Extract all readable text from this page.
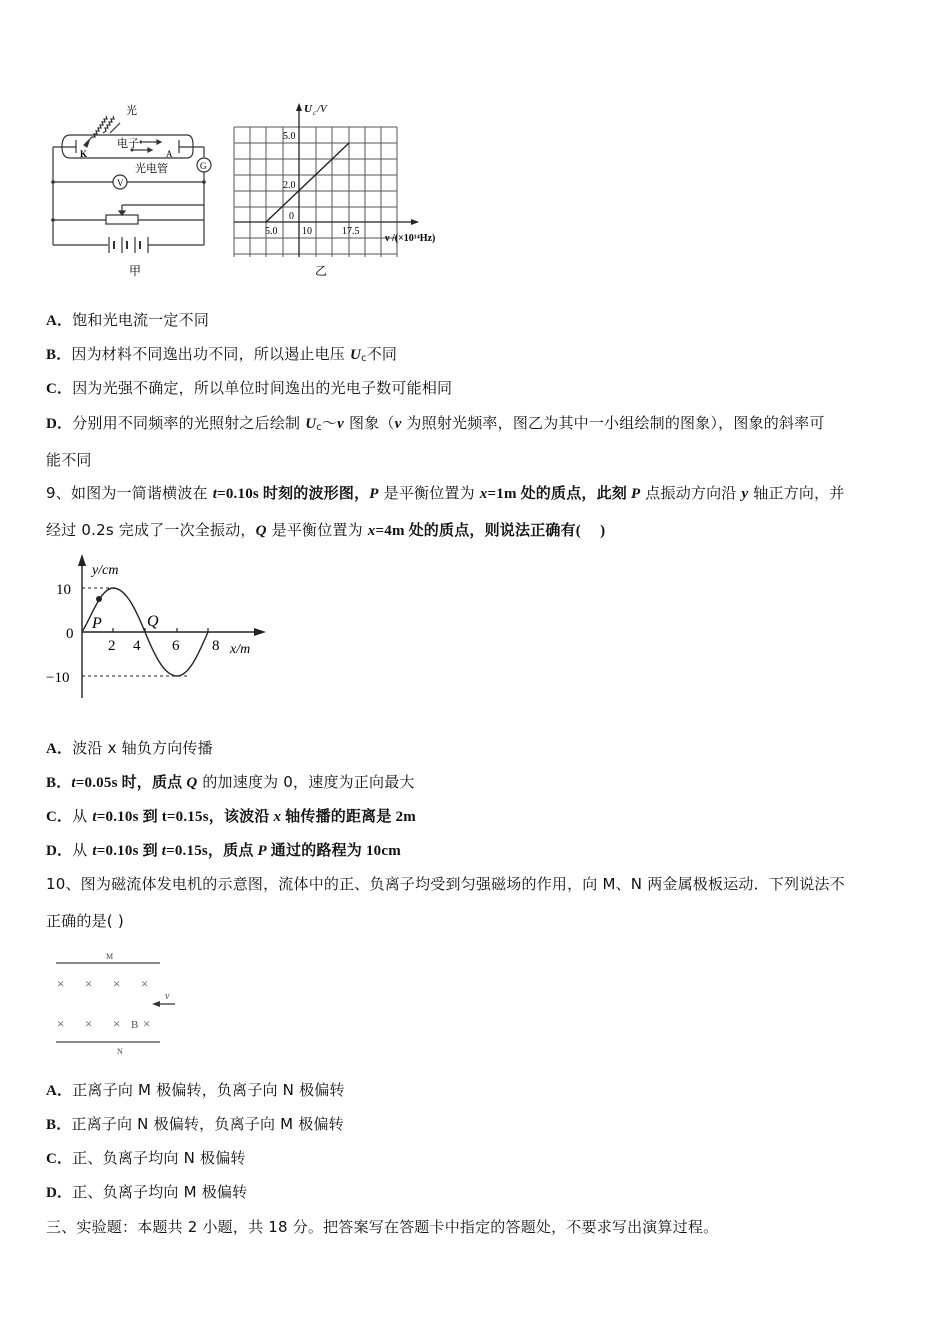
光
K	A
电子
光电管	G
V
甲
U c /V
5.0
2.0
0
5.0 10	17.5
ν /(×10¹⁴Hz)
乙
A．饱和光电流一定不同
B．因为材料不同逸出功不同，所以遏止电压 $U_c$不同
C．因为光强不确定，所以单位时间逸出的光电子数可能相同
D．分别用不同频率的光照射之后绘制 $U_c\sim v$ 图象（v 为照射光频率，图乙为其中一小组绘制的图象），图象的斜率可
能不同
9、如图为一简谐横波在 t=0.10s 时刻的波形图，P 是平衡位置为 x=1m 处的质点，此刻 P 点振动方向沿 y 轴正方向，并
经过 0.2s 完成了一次全振动，Q 是平衡位置为 x=4m 处的质点，则说法正确有(　 )
y/cm
10
0
−10
2 4 6 8 x/m
P	Q
A．波沿 x 轴负方向传播
B．t=0.05s 时，质点 Q 的加速度为 0，速度为正向最大
C．从 t=0.10s 到 t=0.15s，该波沿 x 轴传播的距离是 2m
D．从 t=0.10s 到 t=0.15s，质点 P 通过的路程为 10cm
10、图为磁流体发电机的示意图，流体中的正、负离子均受到匀强磁场的作用，向 M、N 两金属极板运动．下列说法不
正确的是( )
M
N
× × × ×
× × × ×
B
v
A．正离子向 M 极偏转，负离子向 N 极偏转
B．正离子向 N 极偏转，负离子向 M 极偏转
C．正、负离子均向 N 极偏转
D．正、负离子均向 M 极偏转
三、实验题：本题共 2 小题，共 18 分。把答案写在答题卡中指定的答题处，不要求写出演算过程。
